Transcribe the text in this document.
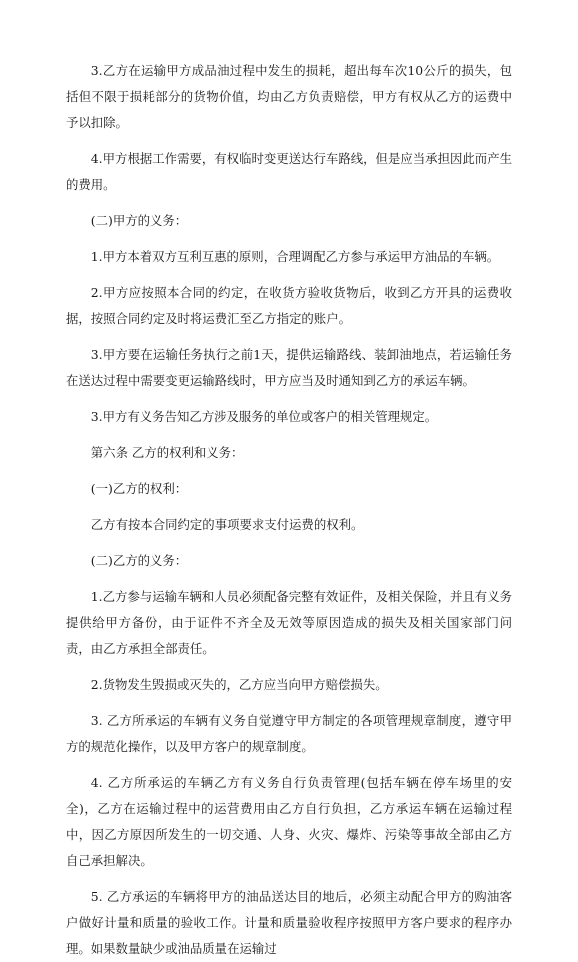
3.乙方在运输甲方成品油过程中发生的损耗，超出每车次10公斤的损失，包括但不限于损耗部分的货物价值，均由乙方负责赔偿，甲方有权从乙方的运费中予以扣除。

4.甲方根据工作需要，有权临时变更送达行车路线，但是应当承担因此而产生的费用。

(二)甲方的义务：

1.甲方本着双方互利互惠的原则，合理调配乙方参与承运甲方油品的车辆。

2.甲方应按照本合同的约定，在收货方验收货物后，收到乙方开具的运费收据，按照合同约定及时将运费汇至乙方指定的账户。

3.甲方要在运输任务执行之前1天，提供运输路线、装卸油地点，若运输任务在送达过程中需要变更运输路线时，甲方应当及时通知到乙方的承运车辆。

3.甲方有义务告知乙方涉及服务的单位或客户的相关管理规定。

第六条 乙方的权利和义务：

(一)乙方的权利：

乙方有按本合同约定的事项要求支付运费的权利。

(二)乙方的义务：

1.乙方参与运输车辆和人员必须配备完整有效证件，及相关保险，并且有义务提供给甲方备份，由于证件不齐全及无效等原因造成的损失及相关国家部门问责，由乙方承担全部责任。

2.货物发生毁损或灭失的，乙方应当向甲方赔偿损失。

3. 乙方所承运的车辆有义务自觉遵守甲方制定的各项管理规章制度，遵守甲方的规范化操作，以及甲方客户的规章制度。

4. 乙方所承运的车辆乙方有义务自行负责管理(包括车辆在停车场里的安全)，乙方在运输过程中的运营费用由乙方自行负担，乙方承运车辆在运输过程中，因乙方原因所发生的一切交通、人身、火灾、爆炸、污染等事故全部由乙方自己承担解决。

5. 乙方承运的车辆将甲方的油品送达目的地后，必须主动配合甲方的购油客户做好计量和质量的验收工作。计量和质量验收程序按照甲方客户要求的程序办理。如果数量缺少或油品质量在运输过
